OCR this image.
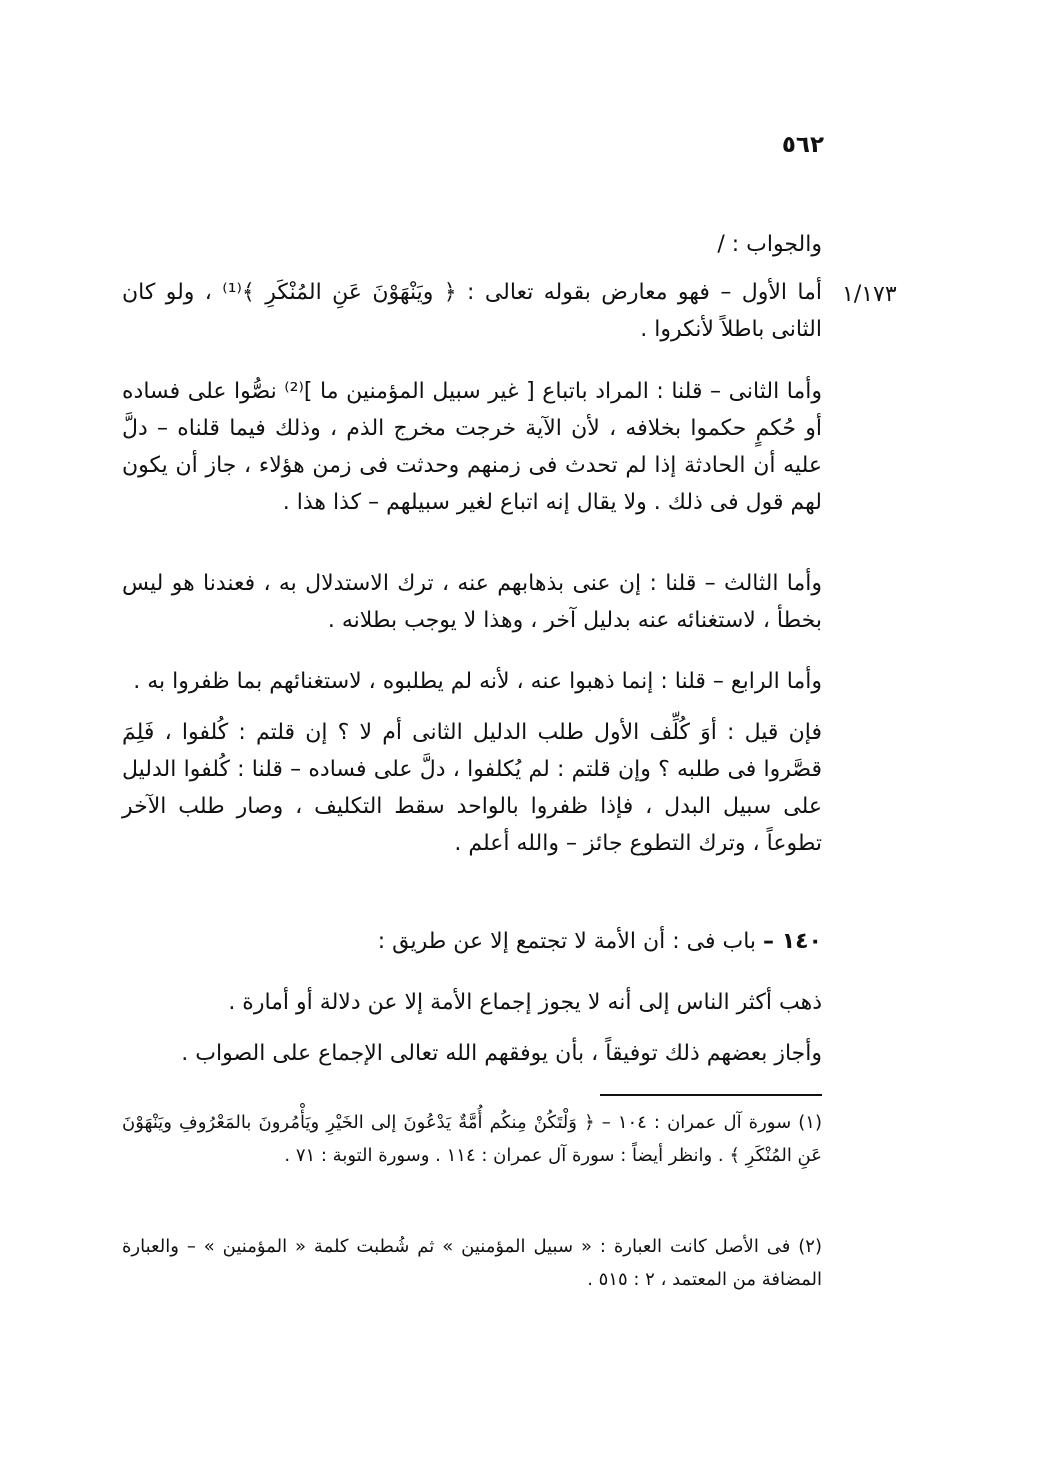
٥٦٢
والجواب : /
١/١٧٣
أما الأول – فهو معارض بقوله تعالى : ﴿ ويَنْهَوْنَ عَنِ المُنْكَرِ ﴾⁽¹⁾ ، ولو كان الثانى باطلاً لأنكروا .
وأما الثانى – قلنا : المراد باتباع [ غير سبيل المؤمنين ما ]⁽²⁾ نصُّوا على فساده أو حُكمٍ حكموا بخلافه ، لأن الآية خرجت مخرج الذم ، وذلك فيما قلناه – دلَّ عليه أن الحادثة إذا لم تحدث فى زمنهم وحدثت فى زمن هؤلاء ، جاز أن يكون لهم قول فى ذلك . ولا يقال إنه اتباع لغير سبيلهم – كذا هذا .
وأما الثالث – قلنا : إن عنى بذهابهم عنه ، ترك الاستدلال به ، فعندنا هو ليس بخطأ ، لاستغنائه عنه بدليل آخر ، وهذا لا يوجب بطلانه .
وأما الرابع – قلنا : إنما ذهبوا عنه ، لأنه لم يطلبوه ، لاستغنائهم بما ظفروا به .
فإن قيل : أوَ كُلِّف الأول طلب الدليل الثانى أم لا ؟ إن قلتم : كُلفوا ، فَلِمَ قصَّروا فى طلبه ؟ وإن قلتم : لم يُكلفوا ، دلَّ على فساده – قلنا : كُلفوا الدليل على سبيل البدل ، فإذا ظفروا بالواحد سقط التكليف ، وصار طلب الآخر تطوعاً ، وترك التطوع جائز – والله أعلم .
١٤٠ – باب فى : أن الأمة لا تجتمع إلا عن طريق :
ذهب أكثر الناس إلى أنه لا يجوز إجماع الأمة إلا عن دلالة أو أمارة .
وأجاز بعضهم ذلك توفيقاً ، بأن يوفقهم الله تعالى الإجماع على الصواب .
(١) سورة آل عمران : ١٠٤ – ﴿ وَلْتَكُنْ مِنكُم أُمَّةٌ يَدْعُونَ إلى الخَيْرِ ويَأْمُرونَ بالمَعْرُوفِ ويَنْهَوْنَ عَنِ المُنْكَرِ ﴾ . وانظر أيضاً : سورة آل عمران : ١١٤ . وسورة التوبة : ٧١ .
(٢) فى الأصل كانت العبارة : « سبيل المؤمنين » ثم شُطبت كلمة « المؤمنين » – والعبارة المضافة من المعتمد ، ٢ : ٥١٥ .
